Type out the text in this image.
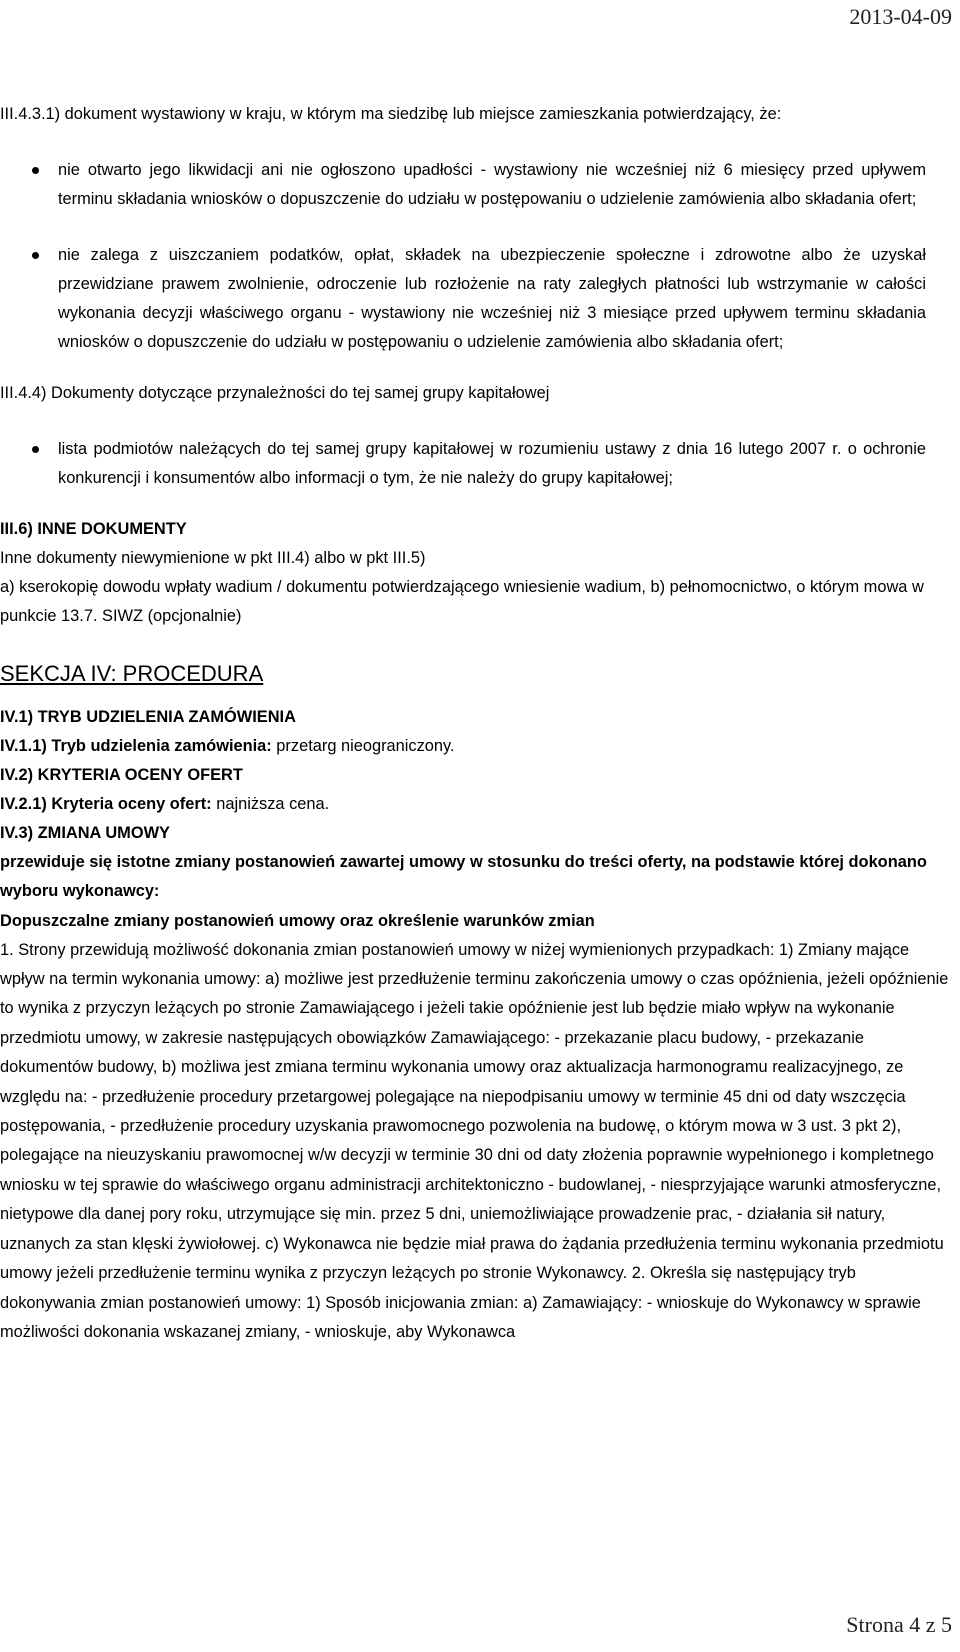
2013-04-09

III.4.3.1) dokument wystawiony w kraju, w którym ma siedzibę lub miejsce zamieszkania potwierdzający, że:

nie otwarto jego likwidacji ani nie ogłoszono upadłości - wystawiony nie wcześniej niż 6 miesięcy przed upływem terminu składania wniosków o dopuszczenie do udziału w postępowaniu o udzielenie zamówienia albo składania ofert;
nie zalega z uiszczaniem podatków, opłat, składek na ubezpieczenie społeczne i zdrowotne albo że uzyskał przewidziane prawem zwolnienie, odroczenie lub rozłożenie na raty zaległych płatności lub wstrzymanie w całości wykonania decyzji właściwego organu - wystawiony nie wcześniej niż 3 miesiące przed upływem terminu składania wniosków o dopuszczenie do udziału w postępowaniu o udzielenie zamówienia albo składania ofert;

III.4.4) Dokumenty dotyczące przynależności do tej samej grupy kapitałowej

lista podmiotów należących do tej samej grupy kapitałowej w rozumieniu ustawy z dnia 16 lutego 2007 r. o ochronie konkurencji i konsumentów albo informacji o tym, że nie należy do grupy kapitałowej;

III.6) INNE DOKUMENTY

Inne dokumenty niewymienione w pkt III.4) albo w pkt III.5)

a) kserokopię dowodu wpłaty wadium / dokumentu potwierdzającego wniesienie wadium, b) pełnomocnictwo, o którym mowa w punkcie 13.7. SIWZ (opcjonalnie)

SEKCJA IV: PROCEDURA

IV.1) TRYB UDZIELENIA ZAMÓWIENIA

IV.1.1) Tryb udzielenia zamówienia: przetarg nieograniczony.

IV.2) KRYTERIA OCENY OFERT

IV.2.1) Kryteria oceny ofert: najniższa cena.

IV.3) ZMIANA UMOWY

przewiduje się istotne zmiany postanowień zawartej umowy w stosunku do treści oferty, na podstawie której dokonano wyboru wykonawcy:

Dopuszczalne zmiany postanowień umowy oraz określenie warunków zmian

1. Strony przewidują możliwość dokonania zmian postanowień umowy w niżej wymienionych przypadkach: 1) Zmiany mające wpływ na termin wykonania umowy: a) możliwe jest przedłużenie terminu zakończenia umowy o czas opóźnienia, jeżeli opóźnienie to wynika z przyczyn leżących po stronie Zamawiającego i jeżeli takie opóźnienie jest lub będzie miało wpływ na wykonanie przedmiotu umowy, w zakresie następujących obowiązków Zamawiającego: - przekazanie placu budowy, - przekazanie dokumentów budowy, b) możliwa jest zmiana terminu wykonania umowy oraz aktualizacja harmonogramu realizacyjnego, ze względu na: - przedłużenie procedury przetargowej polegające na niepodpisaniu umowy w terminie 45 dni od daty wszczęcia postępowania, - przedłużenie procedury uzyskania prawomocnego pozwolenia na budowę, o którym mowa w 3 ust. 3 pkt 2), polegające na nieuzyskaniu prawomocnej w/w decyzji w terminie 30 dni od daty złożenia poprawnie wypełnionego i kompletnego wniosku w tej sprawie do właściwego organu administracji architektoniczno - budowlanej, - niesprzyjające warunki atmosferyczne, nietypowe dla danej pory roku, utrzymujące się min. przez 5 dni, uniemożliwiające prowadzenie prac, - działania sił natury, uznanych za stan klęski żywiołowej. c) Wykonawca nie będzie miał prawa do żądania przedłużenia terminu wykonania przedmiotu umowy jeżeli przedłużenie terminu wynika z przyczyn leżących po stronie Wykonawcy. 2. Określa się następujący tryb dokonywania zmian postanowień umowy: 1) Sposób inicjowania zmian: a) Zamawiający: - wnioskuje do Wykonawcy w sprawie możliwości dokonania wskazanej zmiany, - wnioskuje, aby Wykonawca

Strona 4 z 5
